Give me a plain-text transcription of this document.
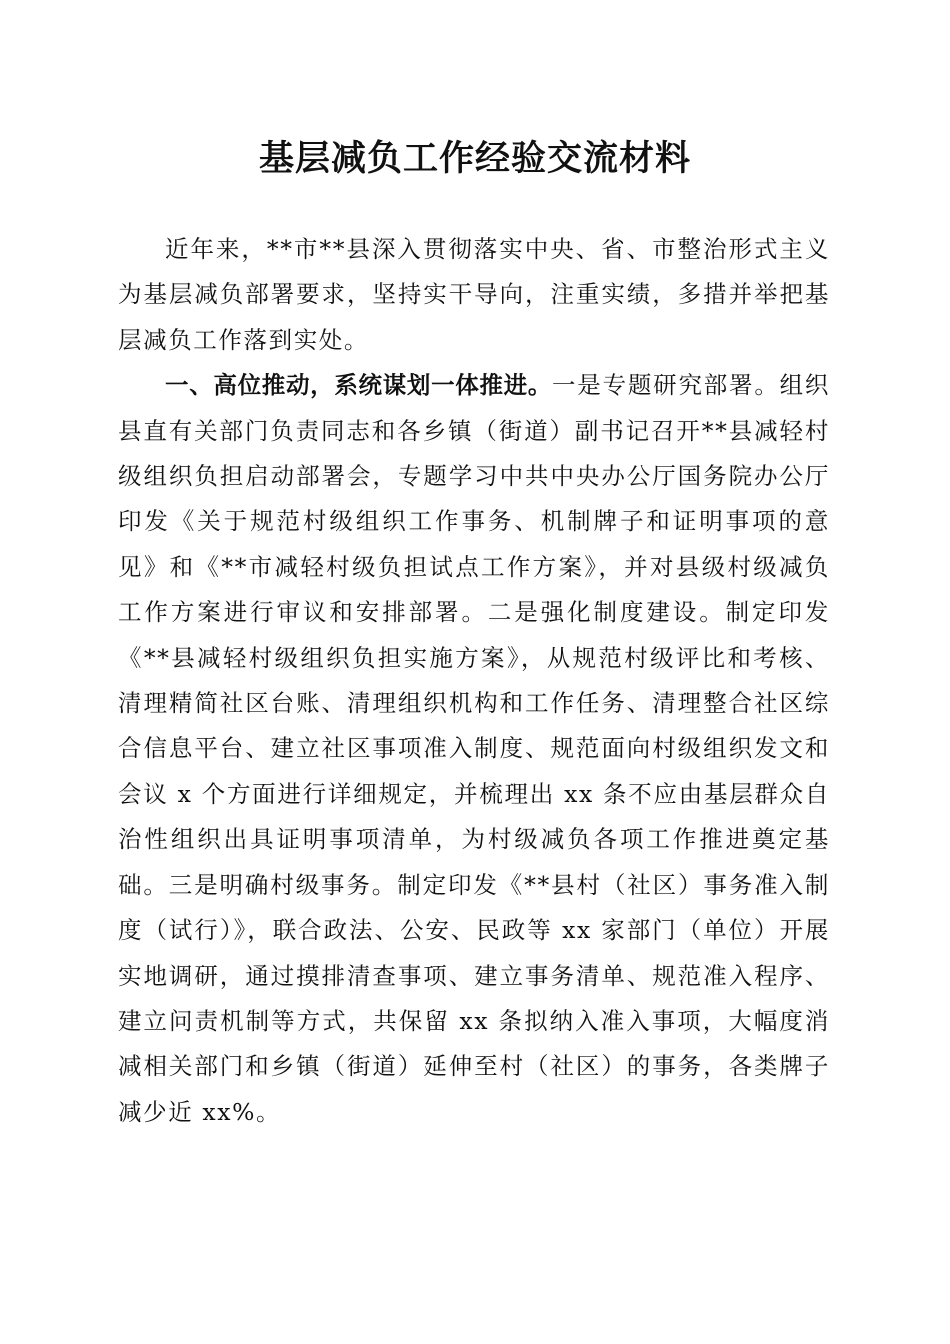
基层减负工作经验交流材料

近年来，**市**县深入贯彻落实中央、省、市整治形式主义为基层减负部署要求，坚持实干导向，注重实绩，多措并举把基层减负工作落到实处。

一、高位推动，系统谋划一体推进。一是专题研究部署。组织县直有关部门负责同志和各乡镇（街道）副书记召开**县减轻村级组织负担启动部署会，专题学习中共中央办公厅国务院办公厅印发《关于规范村级组织工作事务、机制牌子和证明事项的意见》和《**市减轻村级负担试点工作方案》，并对县级村级减负工作方案进行审议和安排部署。二是强化制度建设。制定印发《**县减轻村级组织负担实施方案》，从规范村级评比和考核、清理精简社区台账、清理组织机构和工作任务、清理整合社区综合信息平台、建立社区事项准入制度、规范面向村级组织发文和会议 x 个方面进行详细规定，并梳理出 xx 条不应由基层群众自治性组织出具证明事项清单，为村级减负各项工作推进奠定基础。三是明确村级事务。制定印发《**县村（社区）事务准入制度（试行）》，联合政法、公安、民政等 xx 家部门（单位）开展实地调研，通过摸排清查事项、建立事务清单、规范准入程序、建立问责机制等方式，共保留 xx 条拟纳入准入事项，大幅度消减相关部门和乡镇（街道）延伸至村（社区）的事务，各类牌子减少近 xx%。
